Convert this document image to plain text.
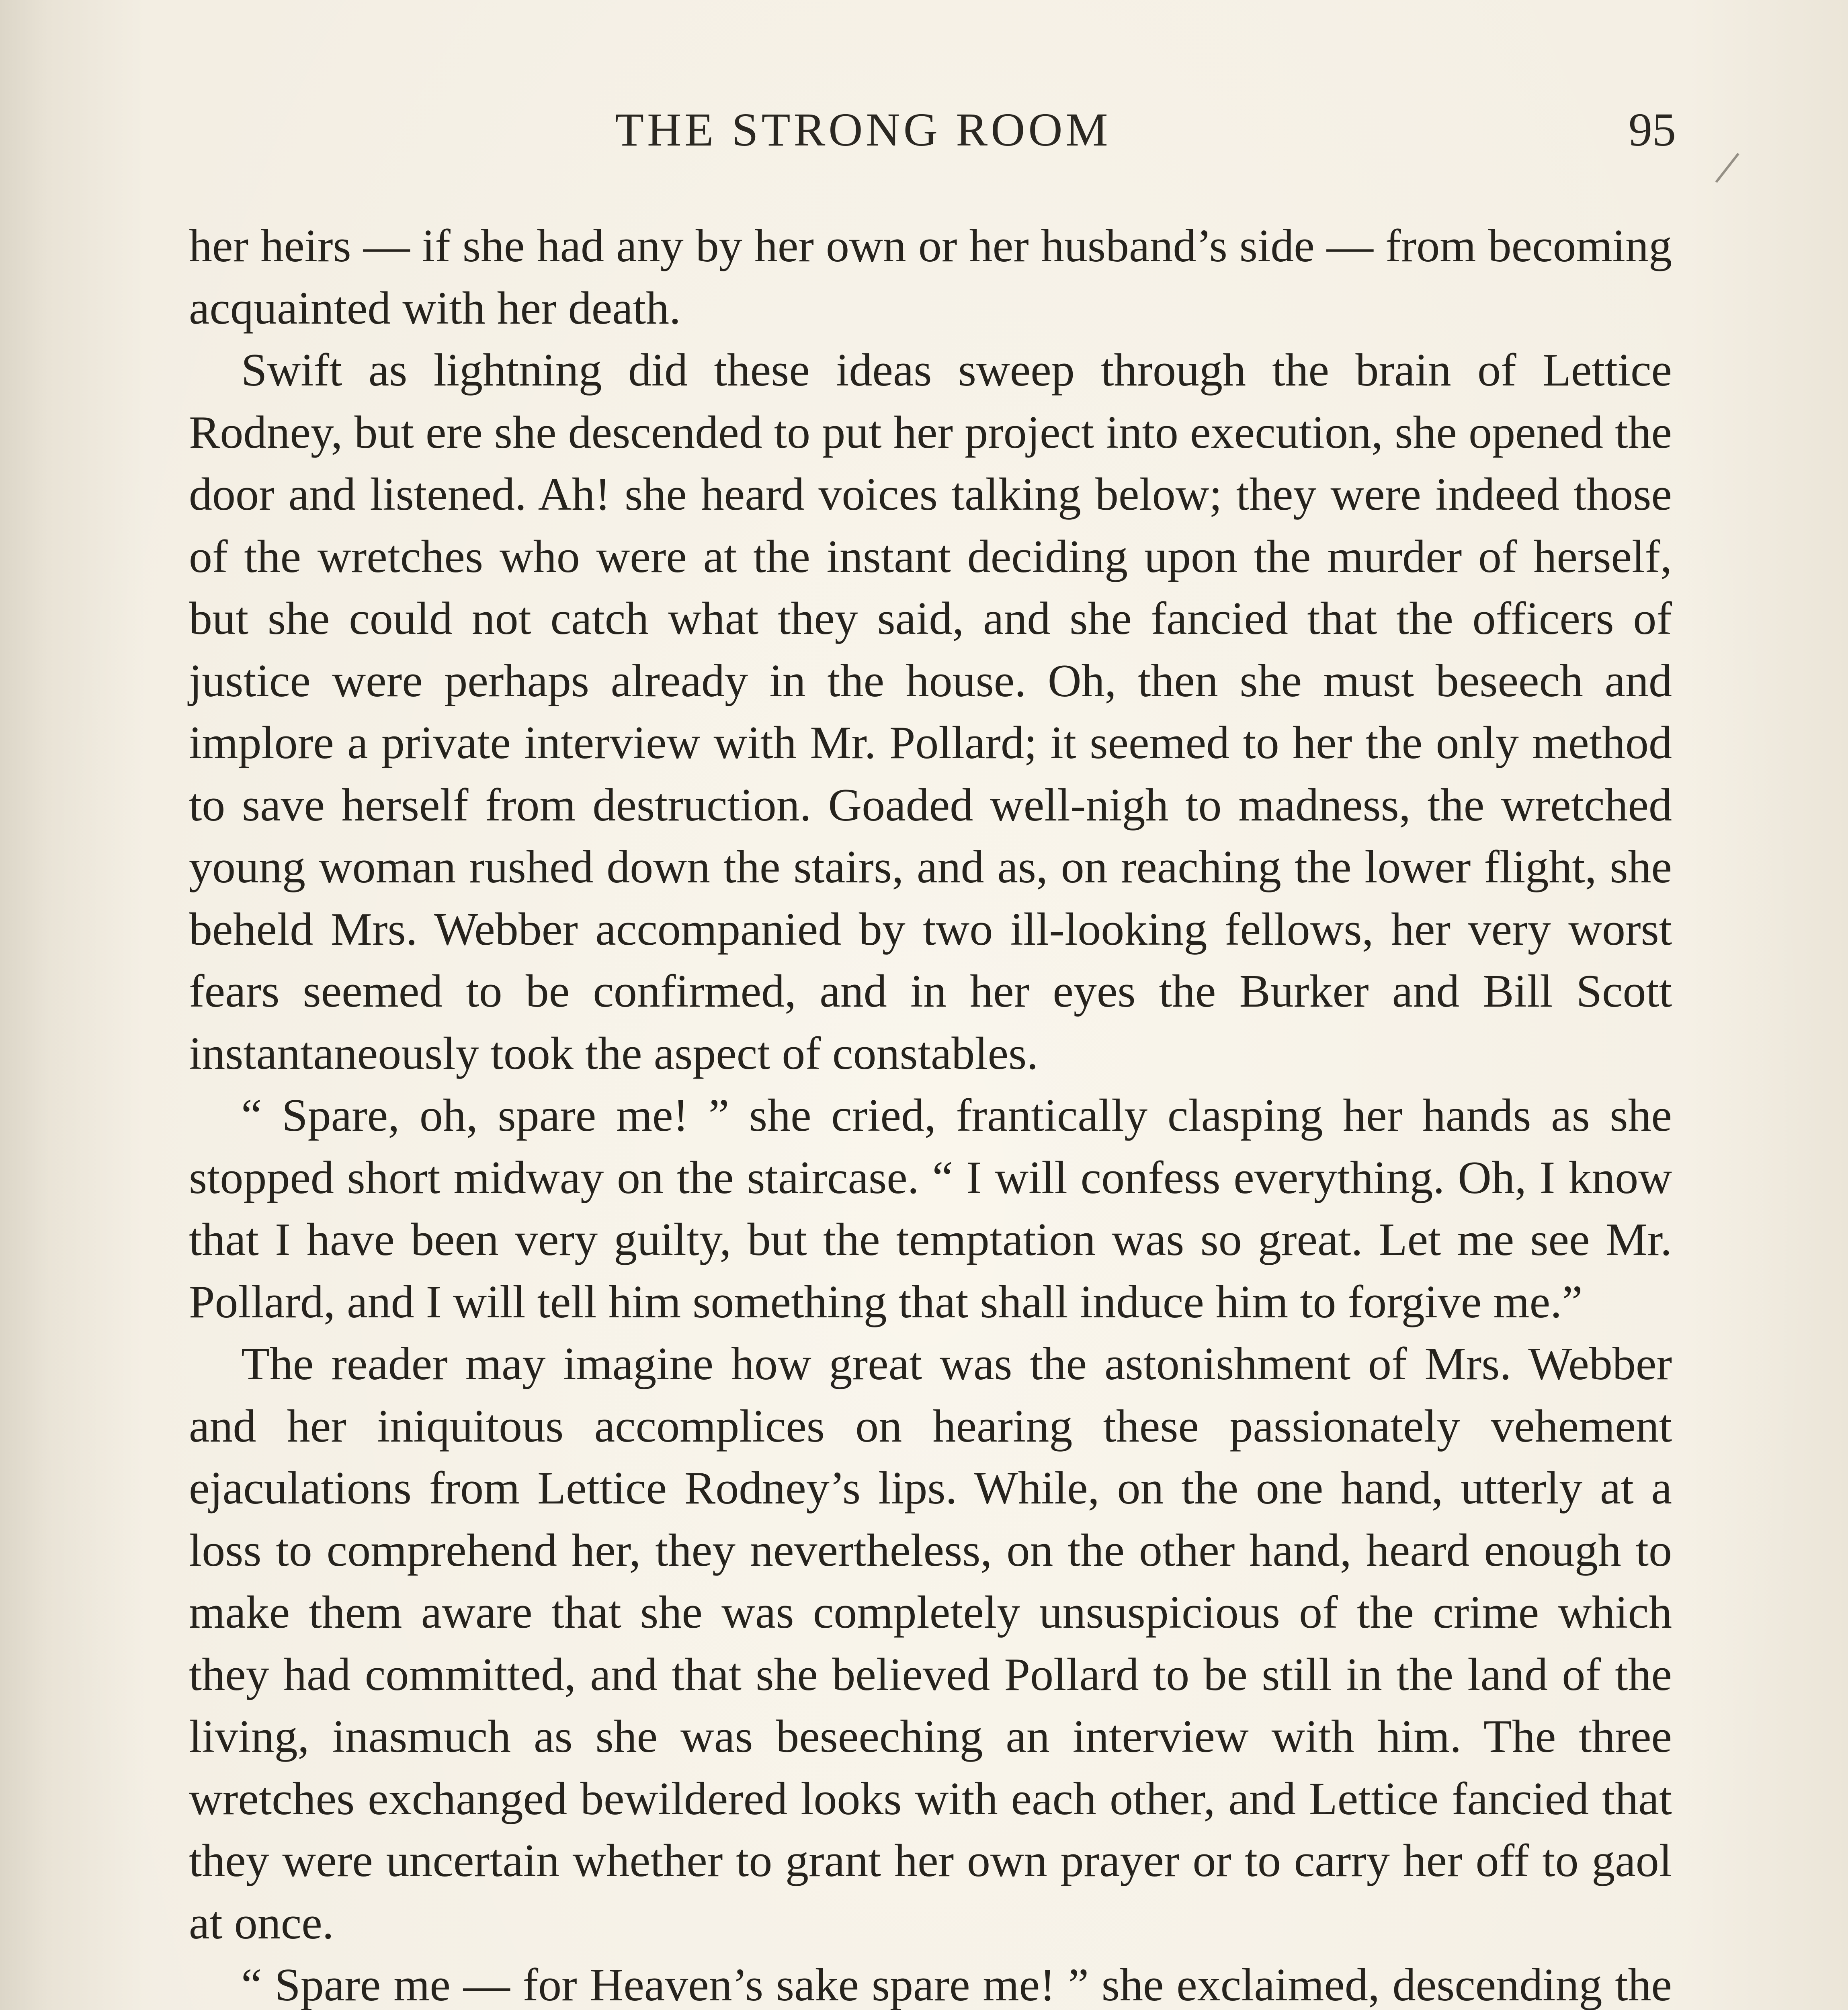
THE STRONG ROOM	95

her heirs — if she had any by her own or her husband’s side — from becoming acquainted with her death.

Swift as lightning did these ideas sweep through the brain of Lettice Rodney, but ere she descended to put her project into execution, she opened the door and listened. Ah! she heard voices talking below; they were indeed those of the wretches who were at the instant deciding upon the murder of herself, but she could not catch what they said, and she fancied that the officers of justice were perhaps already in the house. Oh, then she must beseech and implore a private interview with Mr. Pollard; it seemed to her the only method to save herself from destruction. Goaded well-nigh to madness, the wretched young woman rushed down the stairs, and as, on reaching the lower flight, she beheld Mrs. Webber accompanied by two ill-looking fellows, her very worst fears seemed to be confirmed, and in her eyes the Burker and Bill Scott instantaneously took the aspect of constables.

“ Spare, oh, spare me! ” she cried, frantically clasping her hands as she stopped short midway on the staircase. “ I will confess everything. Oh, I know that I have been very guilty, but the temptation was so great. Let me see Mr. Pollard, and I will tell him something that shall induce him to forgive me.”

The reader may imagine how great was the astonishment of Mrs. Webber and her iniquitous accomplices on hearing these passionately vehement ejaculations from Lettice Rodney’s lips. While, on the one hand, utterly at a loss to comprehend her, they nevertheless, on the other hand, heard enough to make them aware that she was completely unsuspicious of the crime which they had committed, and that she believed Pollard to be still in the land of the living, inasmuch as she was beseeching an interview with him. The three wretches exchanged bewildered looks with each other, and Lettice fancied that they were uncertain whether to grant her own prayer or to carry her off to gaol at once.

“ Spare me — for Heaven’s sake spare me! ” she exclaimed, descending the
